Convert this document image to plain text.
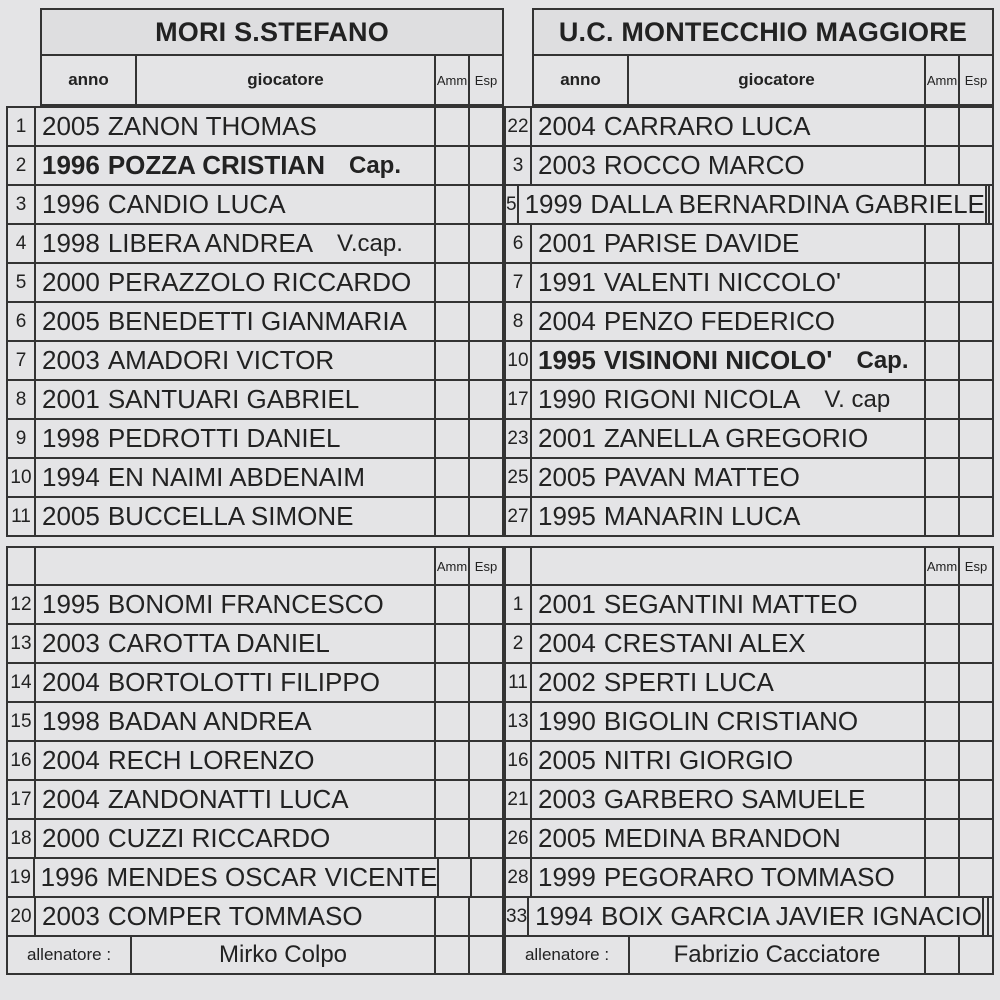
MORI S.STEFANO
anno	giocatore	Amm Esp
1 2005 ZANON THOMAS
2 1996 POZZA CRISTIAN Cap.
3 1996 CANDIO LUCA
4 1998 LIBERA ANDREA V.cap.
5 2000 PERAZZOLO RICCARDO
6 2005 BENEDETTI GIANMARIA
7 2003 AMADORI VICTOR
8 2001 SANTUARI GABRIEL
9 1998 PEDROTTI DANIEL
10 1994 EN NAIMI ABDENAIM
11 2005 BUCCELLA SIMONE
Amm Esp
12 1995 BONOMI FRANCESCO
13 2003 CAROTTA DANIEL
14 2004 BORTOLOTTI FILIPPO
15 1998 BADAN ANDREA
16 2004 RECH LORENZO
17 2004 ZANDONATTI LUCA
18 2000 CUZZI RICCARDO
19 1996 MENDES OSCAR VICENTE
20 2003 COMPER TOMMASO
allenatore :	Mirko Colpo
U.C. MONTECCHIO MAGGIORE
anno	giocatore	Amm Esp
22 2004 CARRARO LUCA
3 2003 ROCCO MARCO
5 1999 DALLA BERNARDINA GABRIELE
6 2001 PARISE DAVIDE
7 1991 VALENTI NICCOLO'
8 2004 PENZO FEDERICO
10 1995 VISINONI NICOLO' Cap.
17 1990 RIGONI NICOLA V. cap
23 2001 ZANELLA GREGORIO
25 2005 PAVAN MATTEO
27 1995 MANARIN LUCA
Amm Esp
1 2001 SEGANTINI MATTEO
2 2004 CRESTANI ALEX
11 2002 SPERTI LUCA
13 1990 BIGOLIN CRISTIANO
16 2005 NITRI GIORGIO
21 2003 GARBERO SAMUELE
26 2005 MEDINA BRANDON
28 1999 PEGORARO TOMMASO
33 1994 BOIX GARCIA JAVIER IGNACIO
allenatore :	Fabrizio Cacciatore
